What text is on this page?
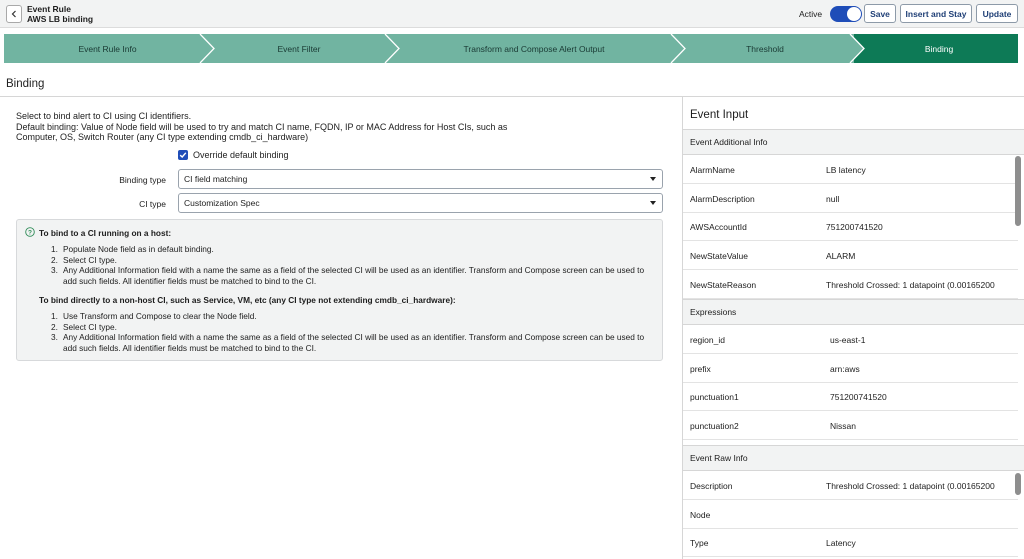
Event Rule
AWS LB binding	Active	Save	Insert and Stay	Update
Event Rule Info	Event Filter	Transform and Compose Alert Output	Threshold	Binding
Binding
Select to bind alert to CI using CI identifiers.
Default binding: Value of Node field will be used to try and match CI name, FQDN, IP or MAC Address for Host CIs, such as
Computer, OS, Switch Router (any CI type extending cmdb_ci_hardware)
Override default binding
Binding type CI field matching
CI type Customization Spec
? To bind to a CI running on a host:
1. Populate Node field as in default binding.
2. Select CI type.
3. Any Additional Information field with a name the same as a field of the selected CI will be used as an identifier. Transform and Compose screen can be used to add such fields. All identifier fields must be matched to bind to the CI.
To bind directly to a non-host CI, such as Service, VM, etc (any CI type not extending cmdb_ci_hardware):
1. Use Transform and Compose to clear the Node field.
2. Select CI type.
3. Any Additional Information field with a name the same as a field of the selected CI will be used as an identifier. Transform and Compose screen can be used to add such fields. All identifier fields must be matched to bind to the CI.
Event Input
Event Additional Info
AlarmName	LB latency
AlarmDescription	null
AWSAccountId	751200741520
NewStateValue	ALARM
NewStateReason	Threshold Crossed: 1 datapoint (0.00165200
Expressions
region_id	us-east-1
prefix	arn:aws
punctuation1	751200741520
punctuation2	Nissan
Event Raw Info
Description	Threshold Crossed: 1 datapoint (0.00165200
Node
Type	Latency
